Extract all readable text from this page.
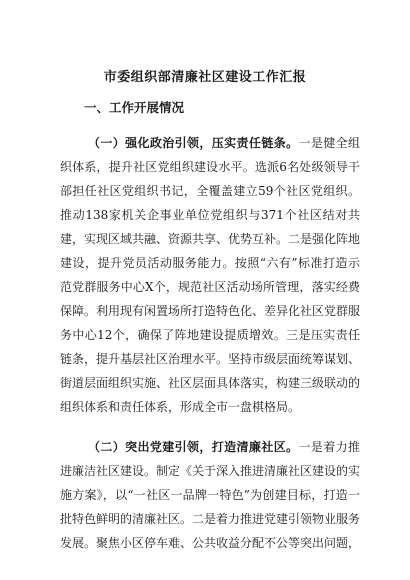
市委组织部清廉社区建设工作汇报
一、工作开展情况
（一）强化政治引领，压实责任链条。一是健全组织体系，提升社区党组织建设水平。选派6名处级领导干部担任社区党组织书记，全覆盖建立59个社区党组织。推动138家机关企事业单位党组织与371个社区结对共建，实现区域共融、资源共享、优势互补。二是强化阵地建设，提升党员活动服务能力。按照“六有”标准打造示范党群服务中心X个，规范社区活动场所管理，落实经费保障。利用现有闲置场所打造特色化、差异化社区党群服务中心12个，确保了阵地建设提质增效。三是压实责任链条，提升基层社区治理水平。坚持市级层面统筹谋划、街道层面组织实施、社区层面具体落实，构建三级联动的组织体系和责任体系，形成全市一盘棋格局。
（二）突出党建引领，打造清廉社区。一是着力推进廉洁社区建设。制定《关于深入推进清廉社区建设的实施方案》，以“一社区一品牌一特色”为创建目标，打造一批特色鲜明的清廉社区。二是着力推进党建引领物业服务发展。聚焦小区停车难、公共收益分配不公等突出问题，
